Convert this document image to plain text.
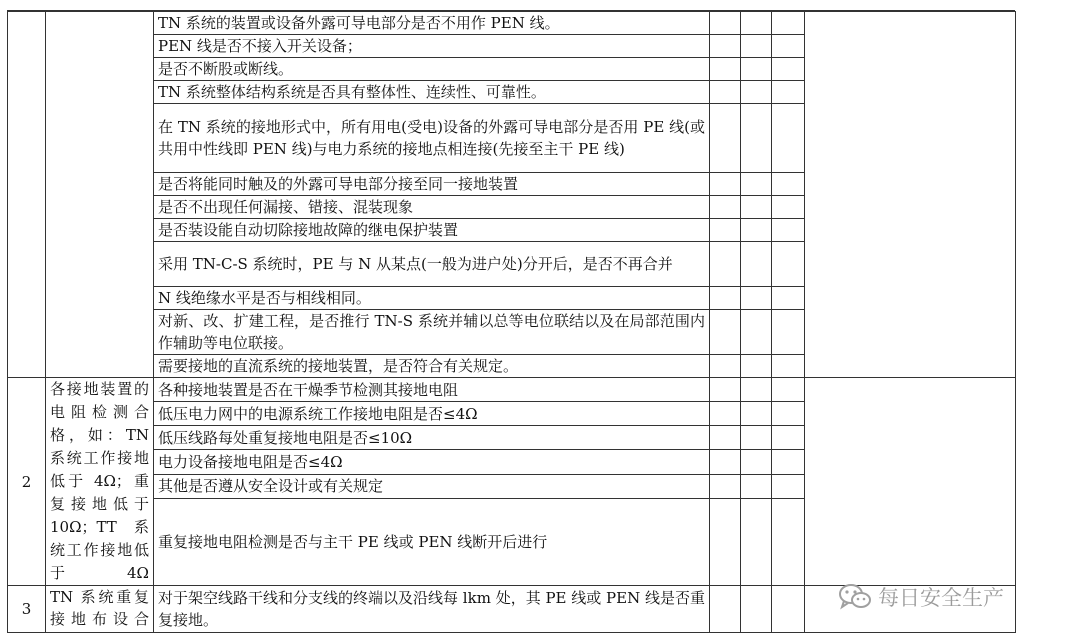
		TN 系统的装置或设备外露可导电部分是否不用作 PEN 线。				
		PEN 线是否不接入开关设备；				
		是否不断股或断线。				
		TN 系统整体结构系统是否具有整体性、连续性、可靠性。				
		在 TN 系统的接地形式中，所有用电(受电)设备的外露可导电部分是否用 PE 线(或共用中性线即 PEN 线)与电力系统的接地点相连接(先接至主干 PE 线)				
		是否将能同时触及的外露可导电部分接至同一接地装置				
		是否不出现任何漏接、错接、混装现象				
		是否装设能自动切除接地故障的继电保护装置				
		采用 TN-C-S 系统时，PE 与 N 从某点(一般为进户处)分开后，是否不再合并				
		N 线绝缘水平是否与相线相同。				
		对新、改、扩建工程，是否推行 TN-S 系统并辅以总等电位联结以及在局部范围内作辅助等电位联接。				
		需要接地的直流系统的接地装置，是否符合有关规定。				
2	各接地装置的电阻检测合格，如：TN 系统工作接地低于 4Ω；重复接地低于 10Ω；TT 系统工作接地低于 4Ω	各种接地装置是否在干燥季节检测其接地电阻				
		低压电力网中的电源系统工作接地电阻是否≤4Ω				
		低压线路每处重复接地电阻是否≤10Ω				
		电力设备接地电阻是否≤4Ω				
		其他是否遵从安全设计或有关规定				
		重复接地电阻检测是否与主干 PE 线或 PEN 线断开后进行				
3	TN 系统重复接地布设合	对于架空线路干线和分支线的终端以及沿线每 lkm 处，其 PE 线或 PEN 线是否重复接地。				
每日安全生产
